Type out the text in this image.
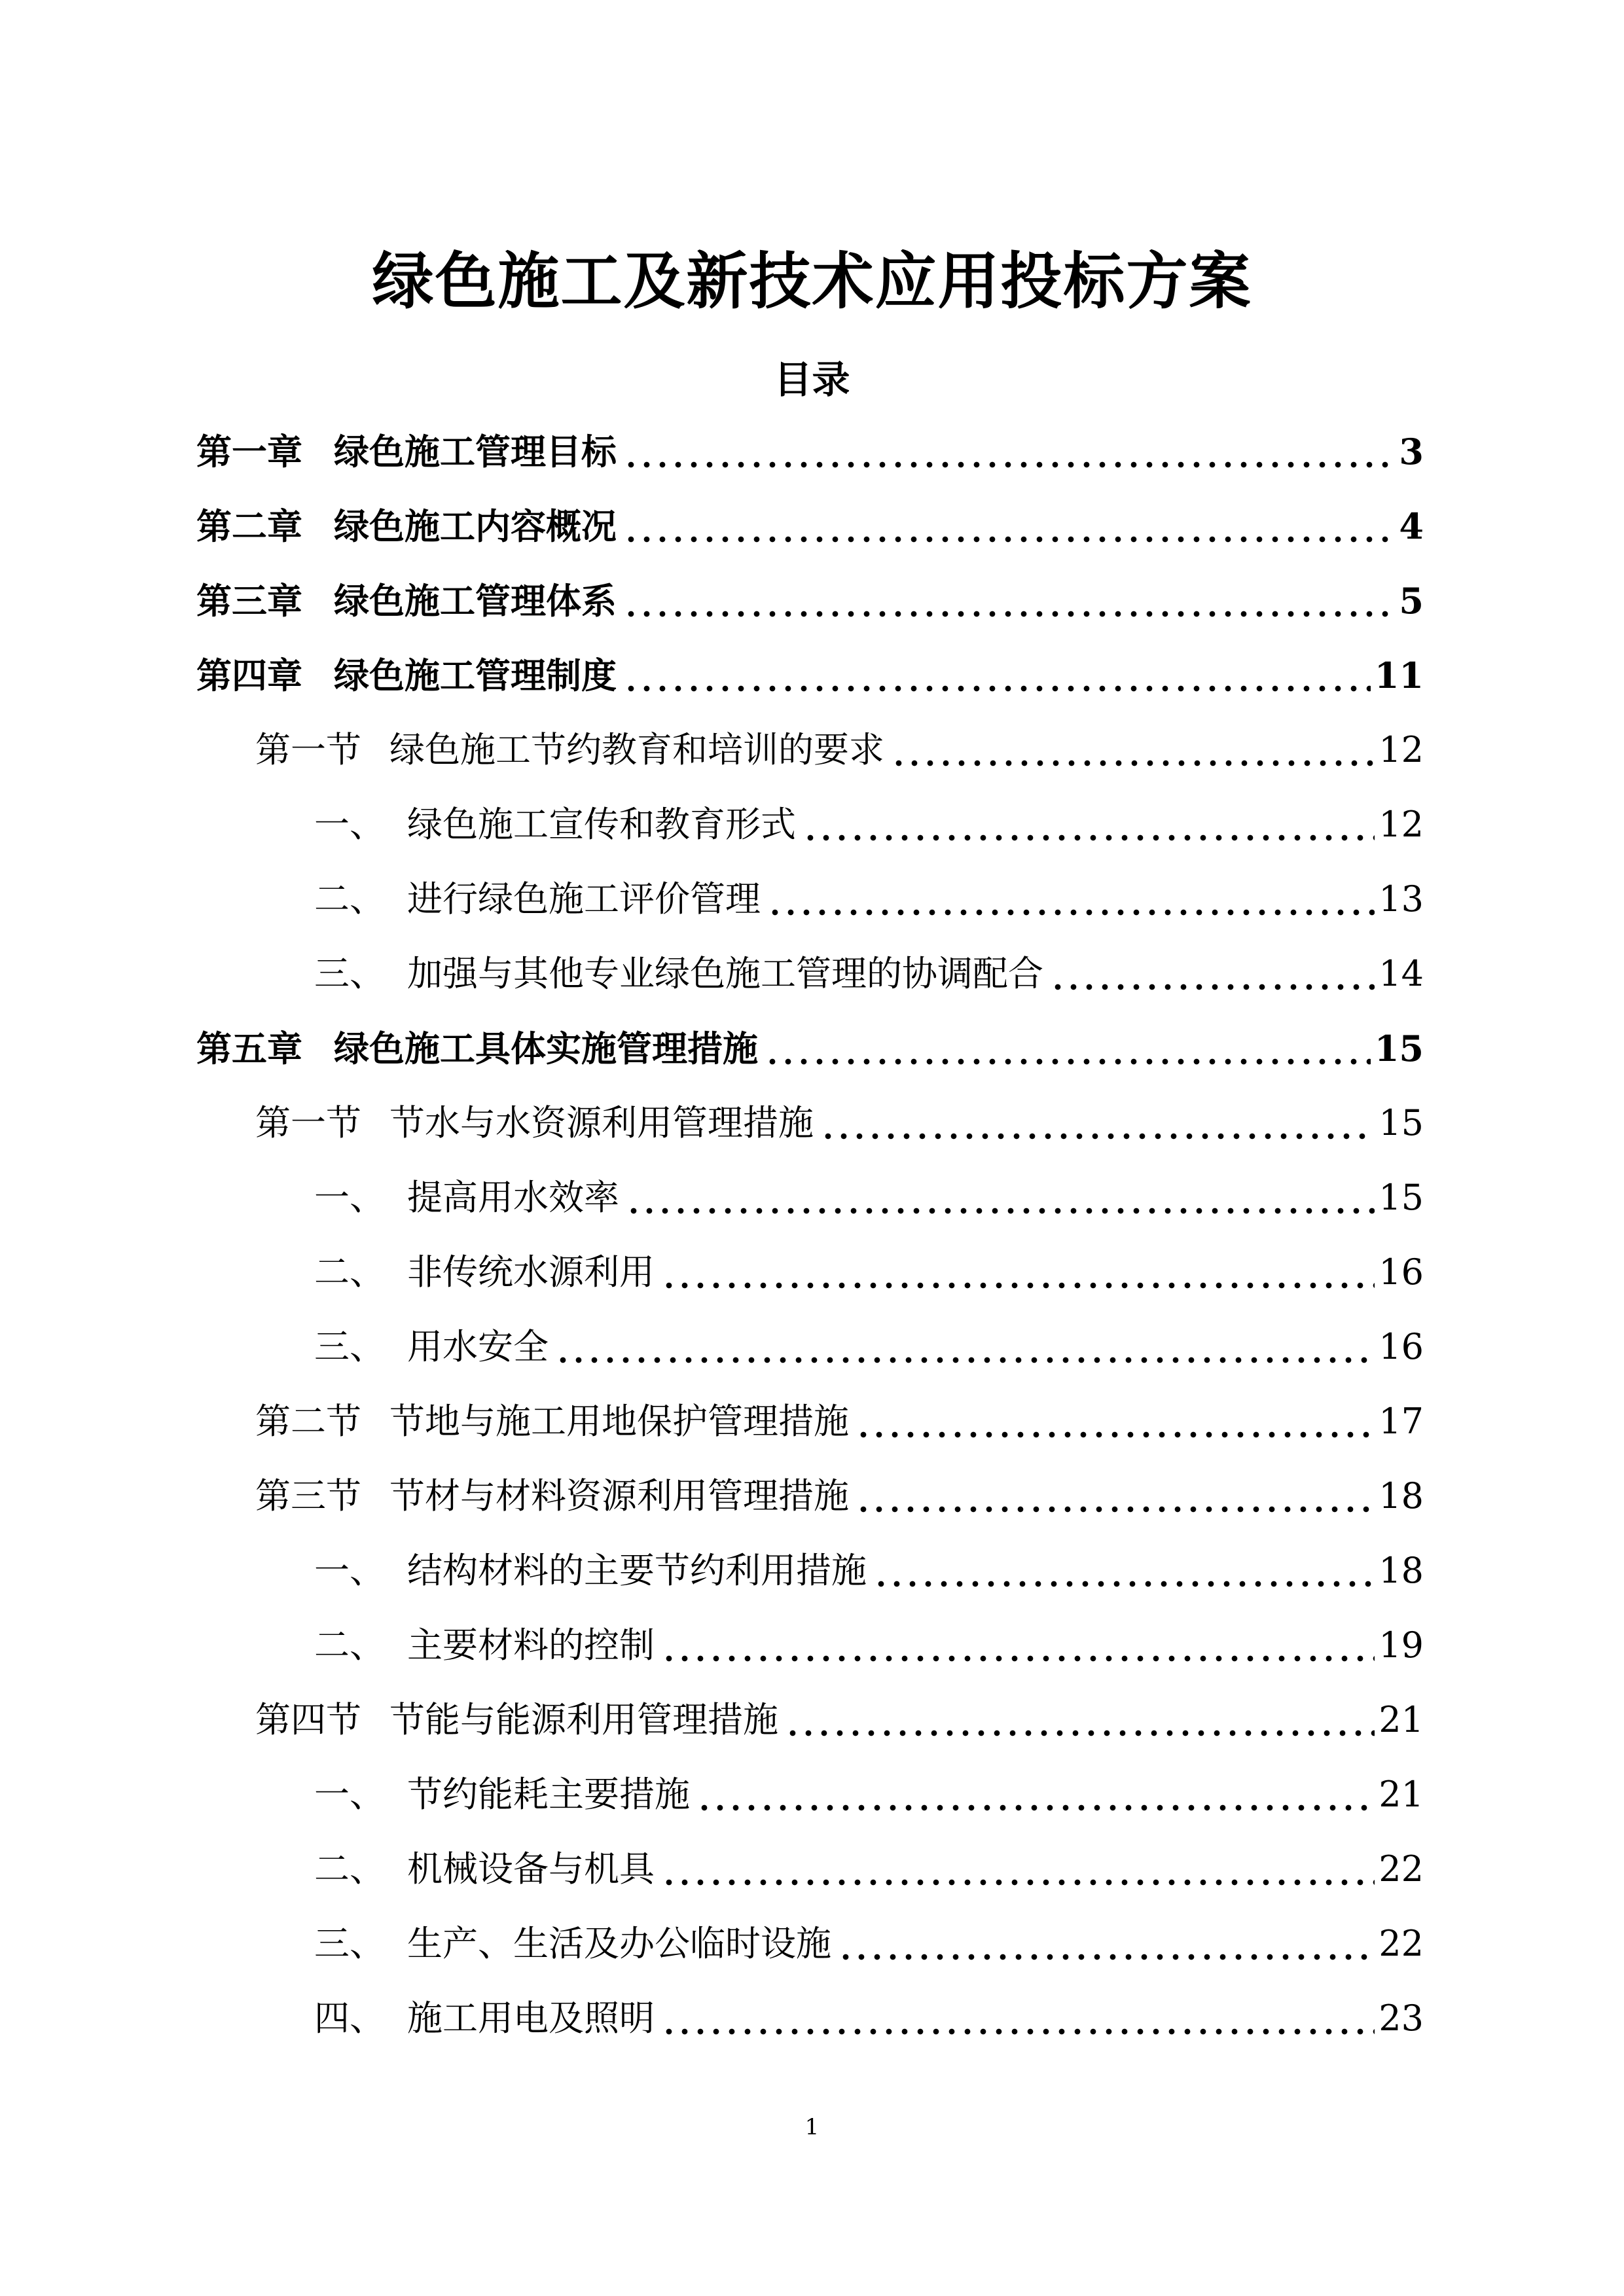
绿色施工及新技术应用投标方案
目录
第一章 绿色施工管理目标	3
第二章 绿色施工内容概况	4
第三章 绿色施工管理体系	5
第四章 绿色施工管理制度	11
第一节 绿色施工节约教育和培训的要求	12
一、 绿色施工宣传和教育形式	12
二、 进行绿色施工评价管理	13
三、 加强与其他专业绿色施工管理的协调配合	14
第五章 绿色施工具体实施管理措施	15
第一节 节水与水资源利用管理措施	15
一、 提高用水效率	15
二、 非传统水源利用	16
三、 用水安全	16
第二节 节地与施工用地保护管理措施	17
第三节 节材与材料资源利用管理措施	18
一、 结构材料的主要节约利用措施	18
二、 主要材料的控制	19
第四节 节能与能源利用管理措施	21
一、 节约能耗主要措施	21
二、 机械设备与机具	22
三、 生产、生活及办公临时设施	22
四、 施工用电及照明	23
1
